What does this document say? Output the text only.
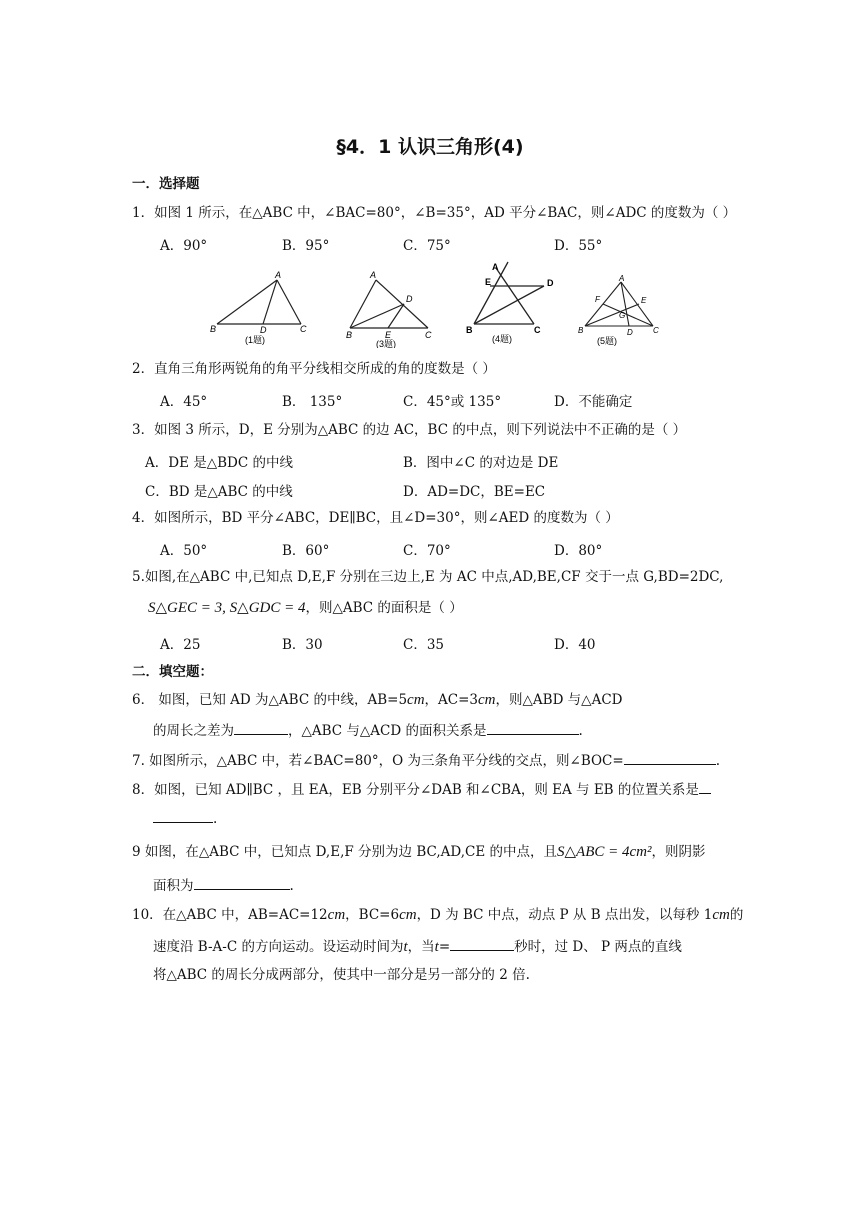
§4．1 认识三角形(4)
一．选择题
1．如图 1 所示，在△ABC 中，∠BAC=80°，∠B=35°，AD 平分∠BAC，则∠ADC 的度数为（ ）
A．90°	B．95°	C．75°	D．55°
A
B	D	C
(1题)
A
D
B	E	C
(3题)
A
E	D
B	C
(4题)
A
F	E
G
B	D	C
(5题)
2．直角三角形两锐角的角平分线相交所成的角的度数是（ ）
A．45°	B． 135°	C．45°或 135°	D．不能确定
3．如图 3 所示，D，E 分别为△ABC 的边 AC，BC 的中点，则下列说法中不正确的是（ ）
A．DE 是△BDC 的中线	B．图中∠C 的对边是 DE
C．BD 是△ABC 的中线	D．AD=DC，BE=EC
4．如图所示，BD 平分∠ABC，DE∥BC，且∠D=30°，则∠AED 的度数为（ ）
A．50°	B．60°	C．70°	D．80°
5.如图,在△ABC 中,已知点 D,E,F 分别在三边上,E 为 AC 中点,AD,BE,CF 交于一点 G,BD=2DC,
S△GEC = 3, S△GDC = 4，则△ABC 的面积是（ ）
A．25	B．30	C．35	D．40
二．填空题：
6． 如图，已知 AD 为△ABC 的中线，AB=5cm，AC=3cm，则△ABD 与△ACD
的周长之差为	，△ABC 与△ACD 的面积关系是	.
7. 如图所示，△ABC 中，若∠BAC=80°，O 为三条角平分线的交点，则∠BOC=	.
8．如图，已知 AD∥BC ，且 EA，EB 分别平分∠DAB 和∠CBA，则 EA 与 EB 的位置关系是
.
9 如图，在△ABC 中，已知点 D,E,F 分别为边 BC,AD,CE 的中点，且S△ABC = 4cm²，则阴影
面积为	.
10．在△ABC 中，AB=AC=12cm，BC=6cm，D 为 BC 中点，动点 P 从 B 点出发，以每秒 1cm的
速度沿 B-A-C 的方向运动。设运动时间为t，当t=	秒时，过 D、 P 两点的直线
将△ABC 的周长分成两部分，使其中一部分是另一部分的 2 倍.
